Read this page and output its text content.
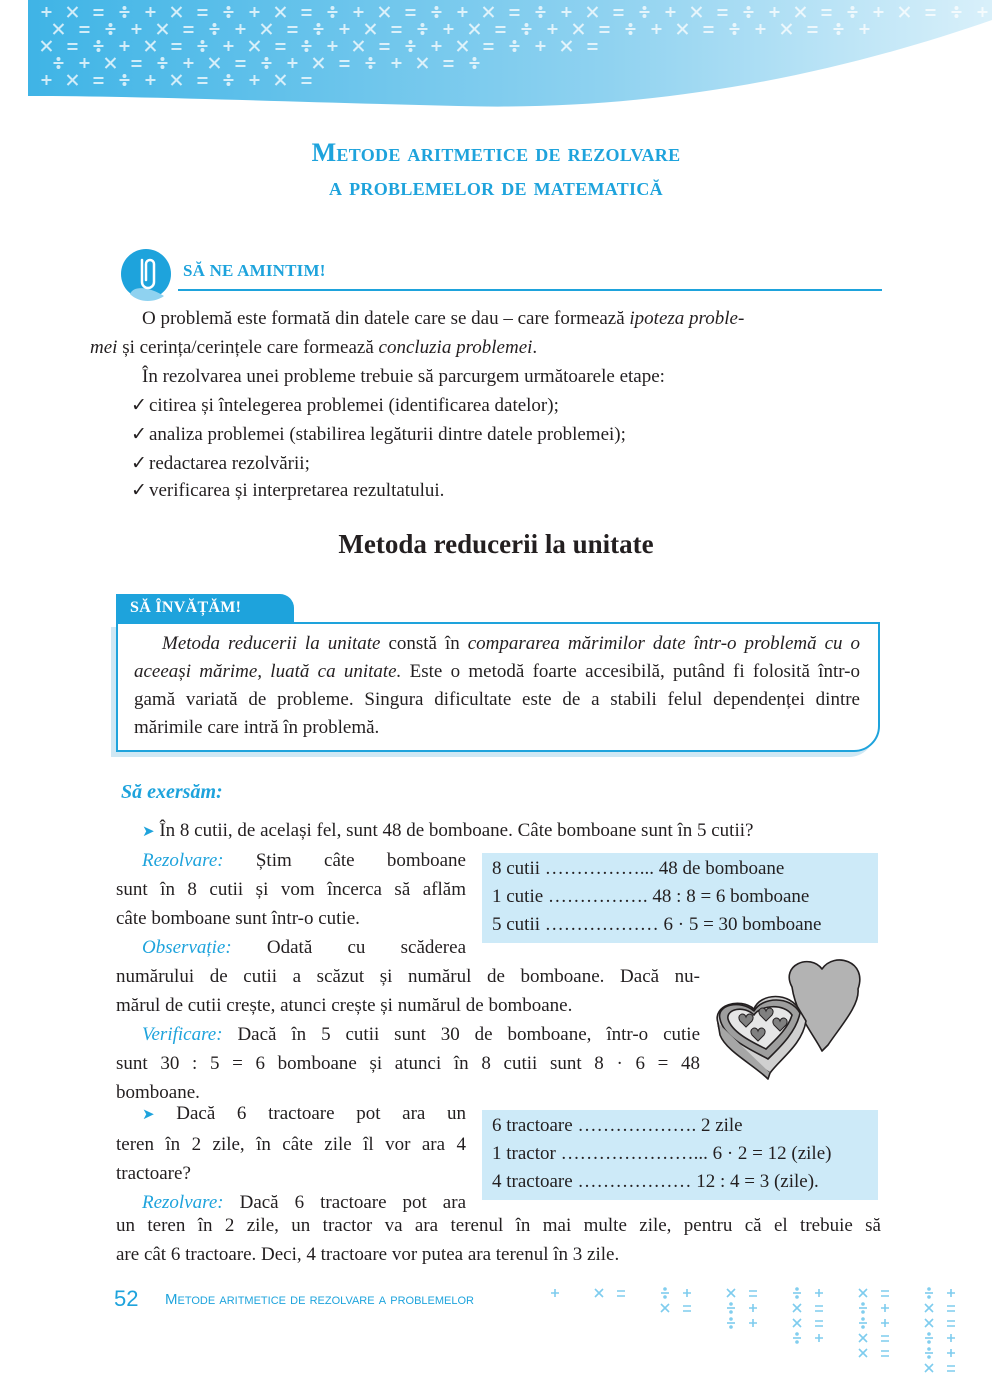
Metode aritmetice de rezolvare
a problemelor de matematică
SĂ NE AMINTIM!
O problemă este formată din datele care se dau – care formează ipoteza proble-
mei și cerința/cerințele care formează concluzia problemei.
În rezolvarea unei probleme trebuie să parcurgem următoarele etape:
✓ citirea și întelegerea problemei (identificarea datelor);
✓ analiza problemei (stabilirea legăturii dintre datele problemei);
✓ redactarea rezolvării;
✓ verificarea și interpretarea rezultatului.
Metoda reducerii la unitate
SĂ ÎNVĂȚĂM!
Metoda reducerii la unitate constă în compararea mărimilor date într-o problemă cu o aceeași mărime, luată ca unitate. Este o metodă foarte accesibilă, putând fi folosită într-o gamă variată de probleme. Singura dificultate este de a stabili felul dependenței dintre mărimile care intră în problemă.
Să exersăm:
➤ În 8 cutii, de același fel, sunt 48 de bomboane. Câte bomboane sunt în 5 cutii?
Rezolvare: Știm câte bomboane
sunt în 8 cutii și vom încerca să aflăm
câte bomboane sunt într-o cutie.
Observație: Odată cu scăderea
8 cutii ……………... 48 de bomboane
1 cutie ……………. 48 : 8 = 6 bomboane
5 cutii ……………… 6 · 5 = 30 bomboane
numărului de cutii a scăzut și numărul de bomboane. Dacă nu-
mărul de cutii crește, atunci crește și numărul de bomboane.
Verificare: Dacă în 5 cutii sunt 30 de bomboane, într-o cutie
sunt 30 : 5 = 6 bomboane și atunci în 8 cutii sunt 8 · 6 = 48
bomboane.
➤ Dacă 6 tractoare pot ara un
teren în 2 zile, în câte zile îl vor ara 4
tractoare?
Rezolvare: Dacă 6 tractoare pot ara
6 tractoare ………………. 2 zile
1 tractor …………………... 6 · 2 = 12 (zile)
4 tractoare ……………… 12 : 4 = 3 (zile).
un teren în 2 zile, un tractor va ara terenul în mai multe zile, pentru că el trebuie să
are cât 6 tractoare. Deci, 4 tractoare vor putea ara terenul în 3 zile.
52 Metode aritmetice de rezolvare a problemelor
